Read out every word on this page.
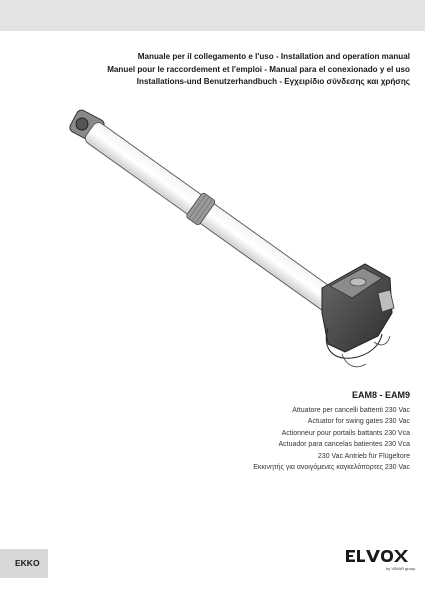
Manuale per il collegamento e l'uso - Installation and operation manual
Manuel pour le raccordement et l'emploi - Manual para el conexionado y el uso
Installations-und Benutzerhandbuch - Εγχειρίδιο σύνδεσης και χρήσης
EAM8 - EAM9
Attuatore per cancelli battenti 230 Vac
Actuator for swing gates 230 Vac
Actionneur pour portails battants 230 Vca
Actuador para cancelas batientes 230 Vca
230 Vac Antrieb für Flügeltore
Εκκινητής για ανοιγόμενες καγκελόπορτες 230 Vac
EKKO
by VIMAR group
